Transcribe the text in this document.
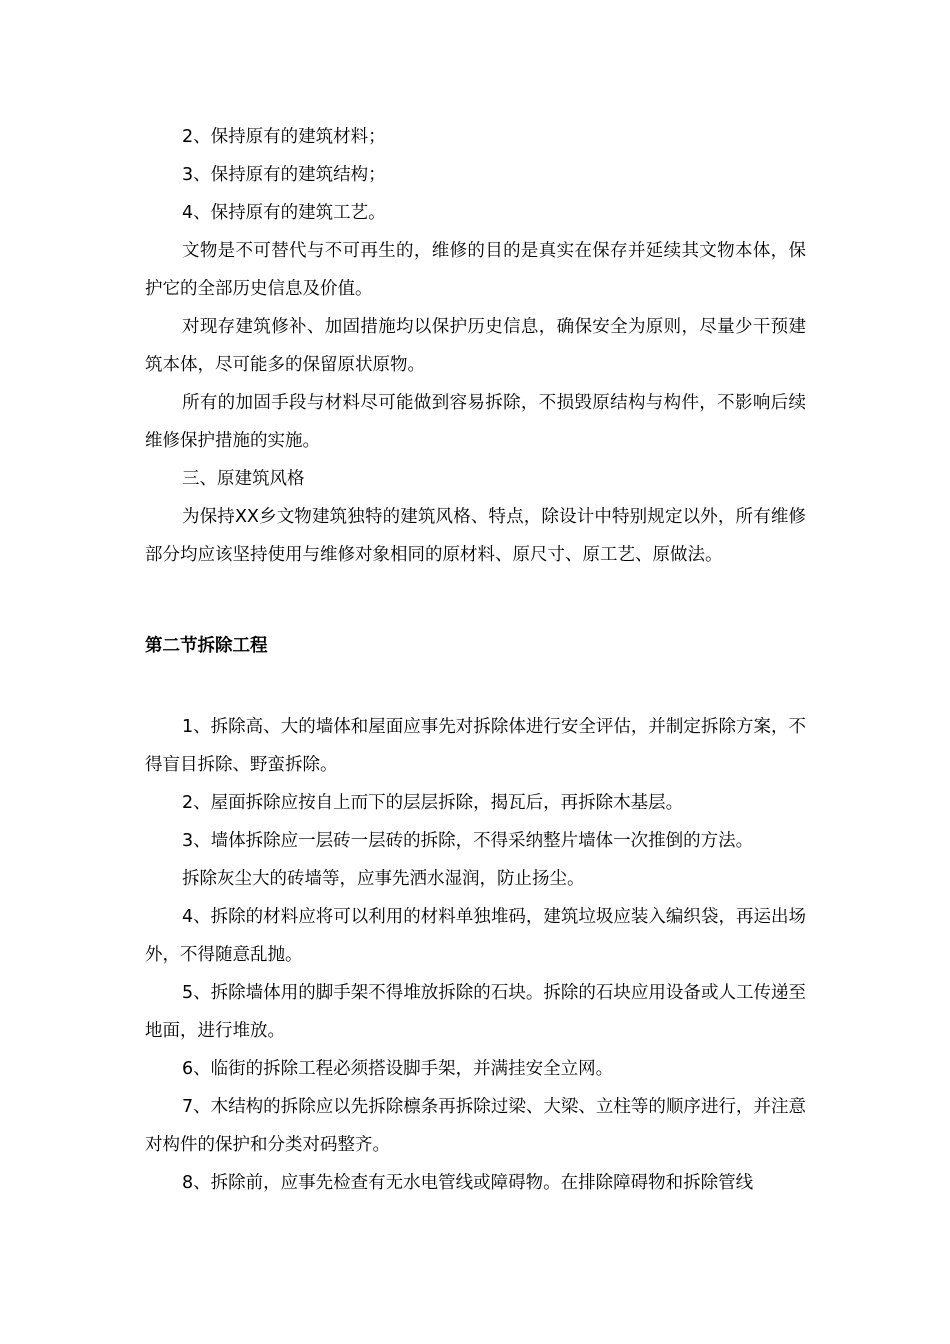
2、保持原有的建筑材料；

3、保持原有的建筑结构；

4、保持原有的建筑工艺。

文物是不可替代与不可再生的，维修的目的是真实在保存并延续其文物本体，保护它的全部历史信息及价值。

对现存建筑修补、加固措施均以保护历史信息，确保安全为原则，尽量少干预建筑本体，尽可能多的保留原状原物。

所有的加固手段与材料尽可能做到容易拆除，不损毁原结构与构件，不影响后续维修保护措施的实施。

三、原建筑风格

为保持XX乡文物建筑独特的建筑风格、特点，除设计中特别规定以外，所有维修部分均应该坚持使用与维修对象相同的原材料、原尺寸、原工艺、原做法。

第二节拆除工程

1、拆除高、大的墙体和屋面应事先对拆除体进行安全评估，并制定拆除方案，不得盲目拆除、野蛮拆除。

2、屋面拆除应按自上而下的层层拆除，揭瓦后，再拆除木基层。

3、墙体拆除应一层砖一层砖的拆除，不得采纳整片墙体一次推倒的方法。

拆除灰尘大的砖墙等，应事先洒水湿润，防止扬尘。

4、拆除的材料应将可以利用的材料单独堆码，建筑垃圾应装入编织袋，再运出场外，不得随意乱抛。

5、拆除墙体用的脚手架不得堆放拆除的石块。拆除的石块应用设备或人工传递至地面，进行堆放。

6、临街的拆除工程必须搭设脚手架，并满挂安全立网。

7、木结构的拆除应以先拆除檩条再拆除过梁、大梁、立柱等的顺序进行，并注意对构件的保护和分类对码整齐。

8、拆除前，应事先检查有无水电管线或障碍物。在排除障碍物和拆除管线
